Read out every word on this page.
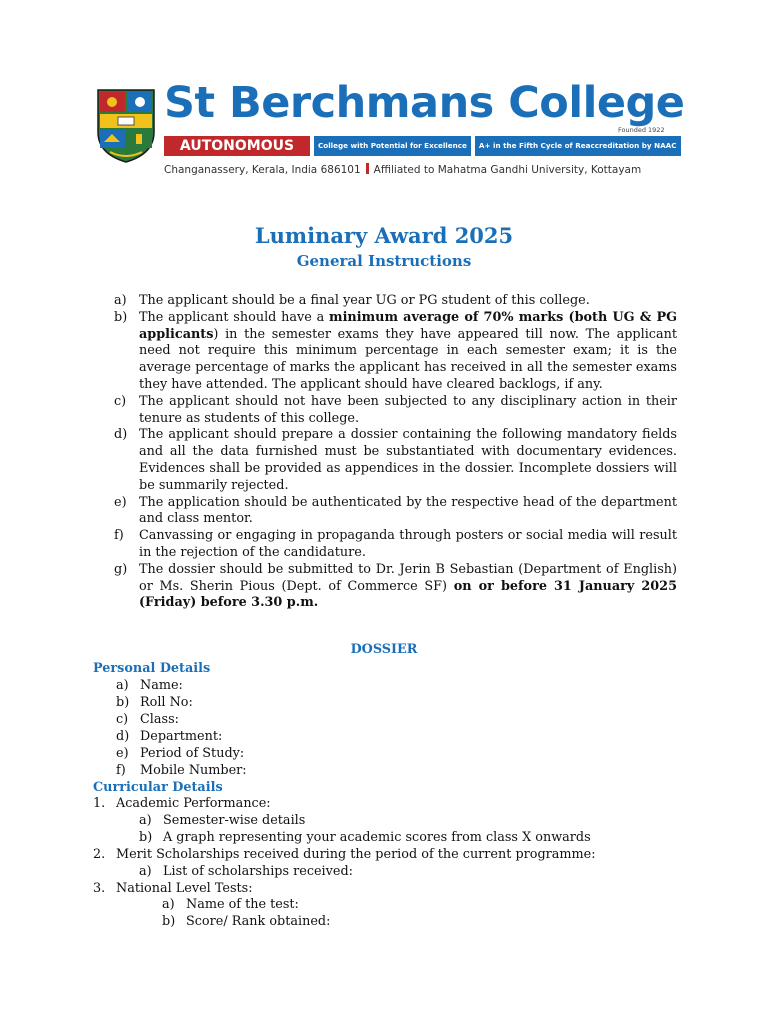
St Berchmans College
Founded 1922
AUTONOMOUS	College with Potential for Excellence	A+ in the Fifth Cycle of Reaccreditation by NAAC
Changanassery, Kerala, India 686101 Affiliated to Mahatma Gandhi University, Kottayam
Luminary Award 2025
General Instructions
a) The applicant should be a final year UG or PG student of this college.
b) The applicant should have a minimum average of 70% marks (both UG & PG applicants) in the semester exams they have appeared till now. The applicant need not require this minimum percentage in each semester exam; it is the average percentage of marks the applicant has received in all the semester exams they have attended. The applicant should have cleared backlogs, if any.
c)	The applicant should not have been subjected to any disciplinary action in their tenure as students of this college.
d) The applicant should prepare a dossier containing the following mandatory fields and all the data furnished must be substantiated with documentary evidences. Evidences shall be provided as appendices in the dossier. Incomplete dossiers will be summarily rejected.
e) The application should be authenticated by the respective head of the department and class mentor.
f)	Canvassing or engaging in propaganda through posters or social media will result in the rejection of the candidature.
g) The dossier should be submitted to Dr. Jerin B Sebastian (Department of English) or Ms. Sherin Pious (Dept. of Commerce SF) on or before 31 January 2025 (Friday) before 3.30 p.m.
DOSSIER
Personal Details
a) Name:
b) Roll No:
c) Class:
d) Department:
e) Period of Study:
f)	Mobile Number:
Curricular Details
1. Academic Performance:
a) Semester-wise details
b) A graph representing your academic scores from class X onwards
2. Merit Scholarships received during the period of the current programme:
a) List of scholarships received:
3. National Level Tests:
a) Name of the test:
b) Score/ Rank obtained:
